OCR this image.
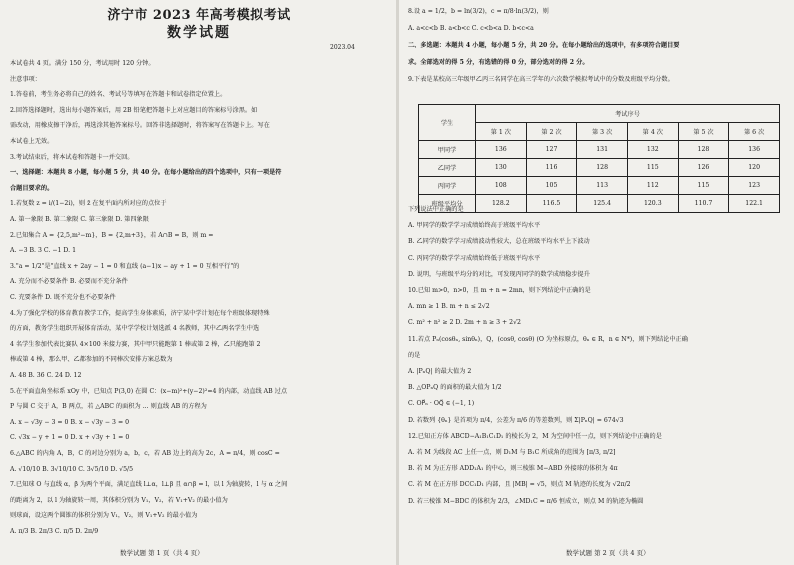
济宁市 2023 年高考模拟考试
数学试题
2023.04
本试卷共 4 页。满分 150 分，考试用时 120 分钟。
注意事项：
1.答卷前，考生务必将自己的姓名、考试号等填写在答题卡和试卷指定位置上。
2.回答选择题时，选出每小题答案后，用 2B 铅笔把答题卡上对应题目的答案标号涂黑。如
需改动，用橡皮擦干净后，再选涂其他答案标号。回答非选择题时，将答案写在答题卡上。写在
本试卷上无效。
3.考试结束后，将本试卷和答题卡一并交回。
一、选择题：本题共 8 小题，每小题 5 分，共 40 分。在每小题给出的四个选项中，只有一项是符
合题目要求的。
1.若复数 z = i/(1−2i)，则 z̄ 在复平面内所对应的点位于
A. 第一象限 B. 第二象限 C. 第三象限 D. 第四象限
2.已知集合 A = {2,5,m²−m}，B = {2,m+3}，若 A∩B = B，则 m =
A. −3 B. 3 C. −1 D. 1
3."a = 1/2"是"直线 x + 2ay − 1 = 0 和直线 (a−1)x − ay + 1 = 0 互相平行"的
A. 充分而不必要条件 B. 必要而不充分条件
C. 充要条件 D. 既不充分也不必要条件
4.为了强化学校的体育教育教学工作，提高学生身体素质，济宁某中学计划在每个班级体现特殊
的方面，教务学生组织开展体育活动，某中学学校计划选派 4 名教师，其中乙两名学生中选
4 名学生参加代表比赛队 4×100 米接力赛，其中甲只能跑第 1 棒或第 2 棒，乙只能跑第 2
棒或第 4 棒，那么甲、乙都参加的不同棒次安排方案总数为
A. 48 B. 36 C. 24 D. 12
5.在平面直角坐标系 xOy 中，已知点 P(3,0) 在圆 C：(x−m)²+(y−2)²=4 的内部，动直线 AB 过点
P 与圆 C 交于 A，B 两点，若 △ABC 的面积为 ... 则直线 AB 的方程为
A. x − √3y − 3 = 0 B. x − √3y − 3 = 0
C. √3x − y + 1 = 0 D. x + √3y + 1 = 0
6.△ABC 的内角 A，B，C 的对边分别为 a，b，c，若 AB 边上的高为 2c，A = π/4，则 cosC =
A. √10/10 B. 3√10/10 C. 3√5/10 D. √5/5
7.已知球 O 与直线 α，β 为两个平面，满足直线 l⊥α，l⊥β 且 α∩β = l，以 l 为轴旋转，l 与 α 之间
的距离为 2，以 l 为轴旋转一周，其体积分别为 V₁，V₂，若 V₁+V₂ 的最小值为
则球面，设这两个圆锥的体积分别为 V₁，V₂，则 V₁+V₂ 的最小值为
A. π/3 B. 2π/3 C. π/5 D. 2π/9
数学试题 第 1 页（共 4 页）
8.设 a = 1/2，b = ln(3/2)，c = π/8·ln(3/2)，则
A. a<c<b B. a<b<c C. c<b<a D. b<c<a
二、多选题：本题共 4 小题，每小题 5 分，共 20 分。在每小题给出的选项中，有多项符合题目要
求。全部选对的得 5 分，有选错的得 0 分，部分选对的得 2 分。
9.下表是某校高三年级甲乙丙三名同学在高三学年的六次数学模拟考试中的分数及班级平均分数。
学生	考试序号					
	第 1 次	第 2 次	第 3 次	第 4 次	第 5 次	第 6 次
甲同学	136	127	131	132	128	136
乙同学	130	116	128	115	126	120
丙同学	108	105	113	112	115	123
班级平均分	128.2	116.5	125.4	120.3	110.7	122.1
下列说法中正确的是
A. 甲同学的数学学习成绩始终高于班级平均水平
B. 乙同学的数学学习成绩波动性较大，总在班级平均水平上下波动
C. 丙同学的数学学习成绩始终低于班级平均水平
D. 说明，与班级平均分的对比，可发现丙同学的数学成绩稳步提升
10.已知 m>0，n>0，且 m + n = 2mn，则下列结论中正确的是
A. mn ≥ 1 B. m + n ≤ 2√2
C. m² + n² ≥ 2 D. 2m + n ≥ 3 + 2√2
11.若点 Pₙ(cosθₙ, sinθₙ)，Q，(cosθ, cosθ) (O 为坐标原点，θₙ ∈ R，n ∈ N*)，则下列结论中正确
的是
A. |PₙQ| 的最大值为 2
B. △OPₙQ 的面积的最大值为 1/2
C. OP⃗ₙ · OQ⃗ ∈ (−1, 1)
D. 若数列 {θₙ} 是首项为 π/4，公差为 π/6 的等差数列，则 Σ|PₙQ| = 674√3
12.已知正方体 ABCD−A₁B₁C₁D₁ 的棱长为 2，M 为空间中任一点，则下列结论中正确的是
A. 若 M 为线段 AC 上任一点，则 D₁M 与 B₁C 所成角的范围为 [π/3, π/2]
B. 若 M 为正方形 ADD₁A₁ 的中心，则三棱锥 M−ABD 外接球的体积为 4π
C. 若 M 在正方形 DCC₁D₁ 内部，且 |MB| = √5，则点 M 轨迹的长度为 √2π/2
D. 若三棱锥 M−BDC 的体积为 2/3，∠MD₁C = π/6 恒成立，则点 M 的轨迹为椭圆
数学试题 第 2 页（共 4 页）
